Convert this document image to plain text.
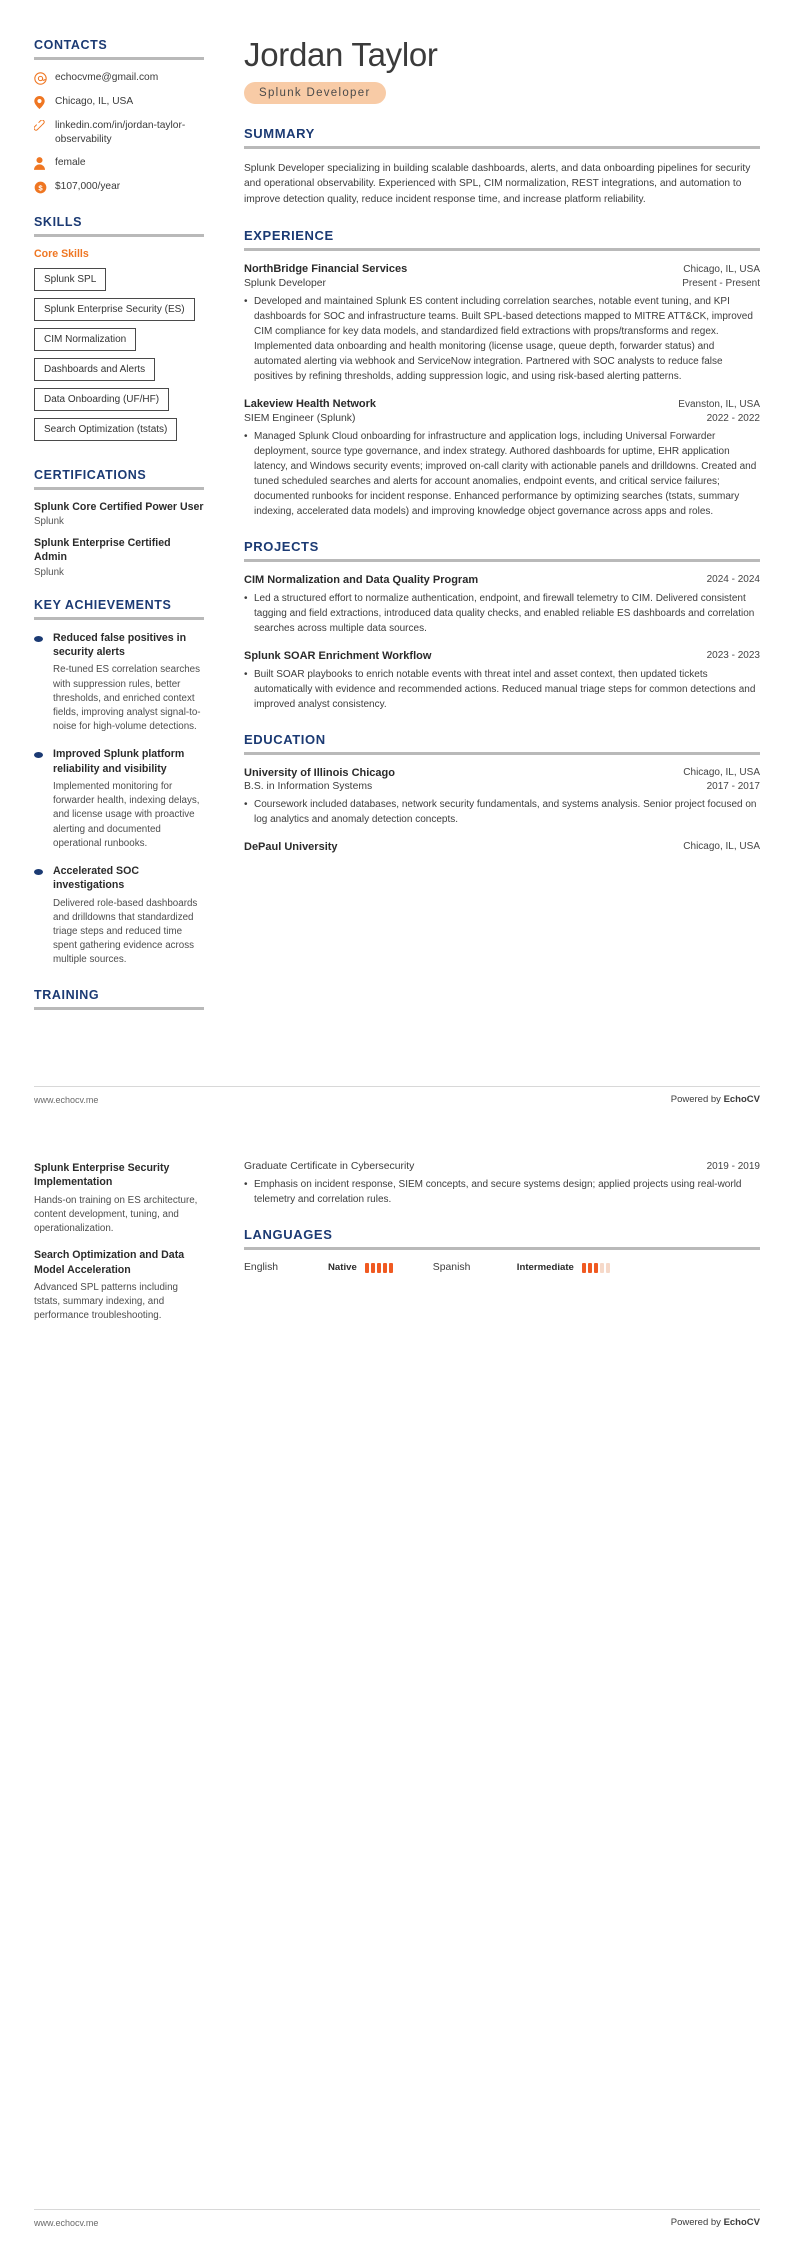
CONTACTS
echocvme@gmail.com
Chicago, IL, USA
linkedin.com/in/jordan-taylor-observability
female
$ $107,000/year
SKILLS
Core Skills
Splunk SPL
Splunk Enterprise Security (ES)
CIM Normalization
Dashboards and Alerts
Data Onboarding (UF/HF)
Search Optimization (tstats)
CERTIFICATIONS
Splunk Core Certified Power User
Splunk
Splunk Enterprise Certified Admin
Splunk
KEY ACHIEVEMENTS
Reduced false positives in security alerts
Re-tuned ES correlation searches with suppression rules, better thresholds, and enriched context fields, improving analyst signal-to-noise for high-volume detections.
Improved Splunk platform reliability and visibility
Implemented monitoring for forwarder health, indexing delays, and license usage with proactive alerting and documented operational runbooks.
Accelerated SOC investigations
Delivered role-based dashboards and drilldowns that standardized triage steps and reduced time spent gathering evidence across multiple sources.
TRAINING
Jordan Taylor
Splunk Developer
SUMMARY
Splunk Developer specializing in building scalable dashboards, alerts, and data onboarding pipelines for security and operational observability. Experienced with SPL, CIM normalization, REST integrations, and automation to improve detection quality, reduce incident response time, and increase platform reliability.
EXPERIENCE
NorthBridge Financial Services	Chicago, IL, USA
Splunk Developer	Present - Present
• Developed and maintained Splunk ES content including correlation searches, notable event tuning, and KPI dashboards for SOC and infrastructure teams. Built SPL-based detections mapped to MITRE ATT&CK, improved CIM compliance for key data models, and standardized field extractions with props/transforms and regex. Implemented data onboarding and health monitoring (license usage, queue depth, forwarder status) and automated alerting via webhook and ServiceNow integration. Partnered with SOC analysts to reduce false positives by refining thresholds, adding suppression logic, and using risk-based alerting patterns.
Lakeview Health Network	Evanston, IL, USA
SIEM Engineer (Splunk)	2022 - 2022
• Managed Splunk Cloud onboarding for infrastructure and application logs, including Universal Forwarder deployment, source type governance, and index strategy. Authored dashboards for uptime, EHR application latency, and Windows security events; improved on-call clarity with actionable panels and drilldowns. Created and tuned scheduled searches and alerts for account anomalies, endpoint events, and critical service failures; documented runbooks for incident response. Enhanced performance by optimizing searches (tstats, summary indexing, accelerated data models) and improving knowledge object governance across apps and roles.
PROJECTS
CIM Normalization and Data Quality Program	2024 - 2024
• Led a structured effort to normalize authentication, endpoint, and firewall telemetry to CIM. Delivered consistent tagging and field extractions, introduced data quality checks, and enabled reliable ES dashboards and correlation searches across multiple data sources.
Splunk SOAR Enrichment Workflow	2023 - 2023
• Built SOAR playbooks to enrich notable events with threat intel and asset context, then updated tickets automatically with evidence and recommended actions. Reduced manual triage steps for common detections and improved analyst consistency.
EDUCATION
University of Illinois Chicago	Chicago, IL, USA
B.S. in Information Systems	2017 - 2017
• Coursework included databases, network security fundamentals, and systems analysis. Senior project focused on log analytics and anomaly detection concepts.
DePaul University	Chicago, IL, USA
www.echocv.me	Powered by EchoCV
Splunk Enterprise Security Implementation
Hands-on training on ES architecture, content development, tuning, and operationalization.
Search Optimization and Data Model Acceleration
Advanced SPL patterns including tstats, summary indexing, and performance troubleshooting.
Graduate Certificate in Cybersecurity	2019 - 2019
• Emphasis on incident response, SIEM concepts, and secure systems design; applied projects using real-world telemetry and correlation rules.
LANGUAGES
English	Native	Spanish	Intermediate
www.echocv.me	Powered by EchoCV
